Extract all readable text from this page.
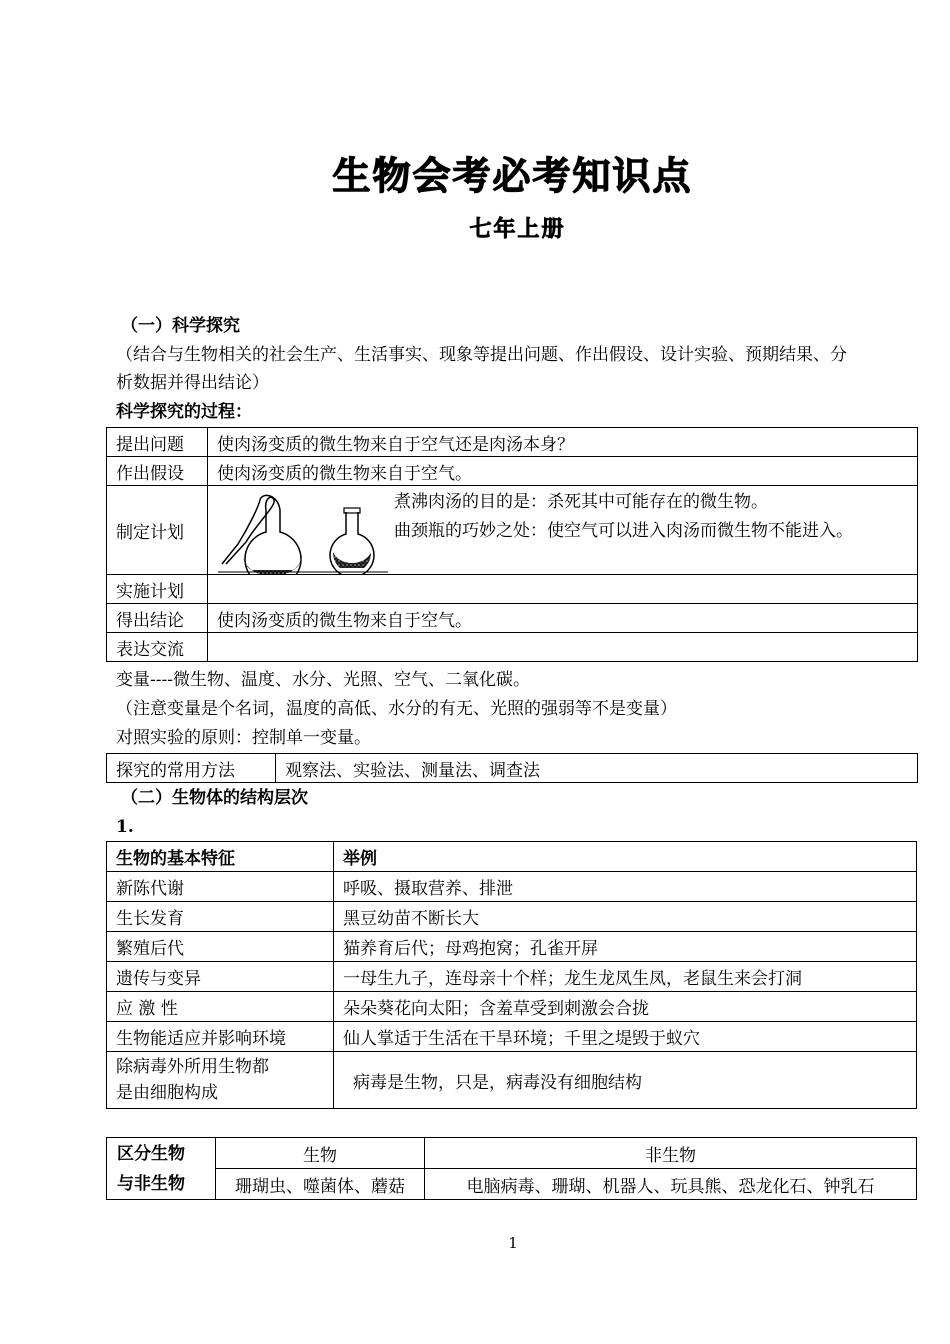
生物会考必考知识点
七年上册
（一）科学探究
（结合与生物相关的社会生产、生活事实、现象等提出问题、作出假设、设计实验、预期结果、分
析数据并得出结论）
科学探究的过程：
提出问题	使肉汤变质的微生物来自于空气还是肉汤本身？
作出假设	使肉汤变质的微生物来自于空气。
制定计划	煮沸肉汤的目的是：杀死其中可能存在的微生物。
曲颈瓶的巧妙之处：使空气可以进入肉汤而微生物不能进入。

实施计划	
得出结论	使肉汤变质的微生物来自于空气。
表达交流	
变量----微生物、温度、水分、光照、空气、二氧化碳。
（注意变量是个名词，温度的高低、水分的有无、光照的强弱等不是变量）
对照实验的原则：控制单一变量。
探究的常用方法	观察法、实验法、测量法、调查法
（二）生物体的结构层次
1.
生物的基本特征	举例
新陈代谢	呼吸、摄取营养、排泄
生长发育	黑豆幼苗不断长大
繁殖后代	猫养育后代；母鸡抱窝；孔雀开屏
遗传与变异	一母生九子，连母亲十个样；龙生龙凤生凤，老鼠生来会打洞
应 激 性	朵朵葵花向太阳；含羞草受到刺激会合拢
生物能适应并影响环境	仙人掌适于生活在干旱环境；千里之堤毁于蚁穴

除病毒外所用生物都
是由细胞构成	病毒是生物，只是，病毒没有细胞结构
区分生物
与非生物	生物	非生物
	珊瑚虫、噬菌体、蘑菇	电脑病毒、珊瑚、机器人、玩具熊、恐龙化石、钟乳石
1
